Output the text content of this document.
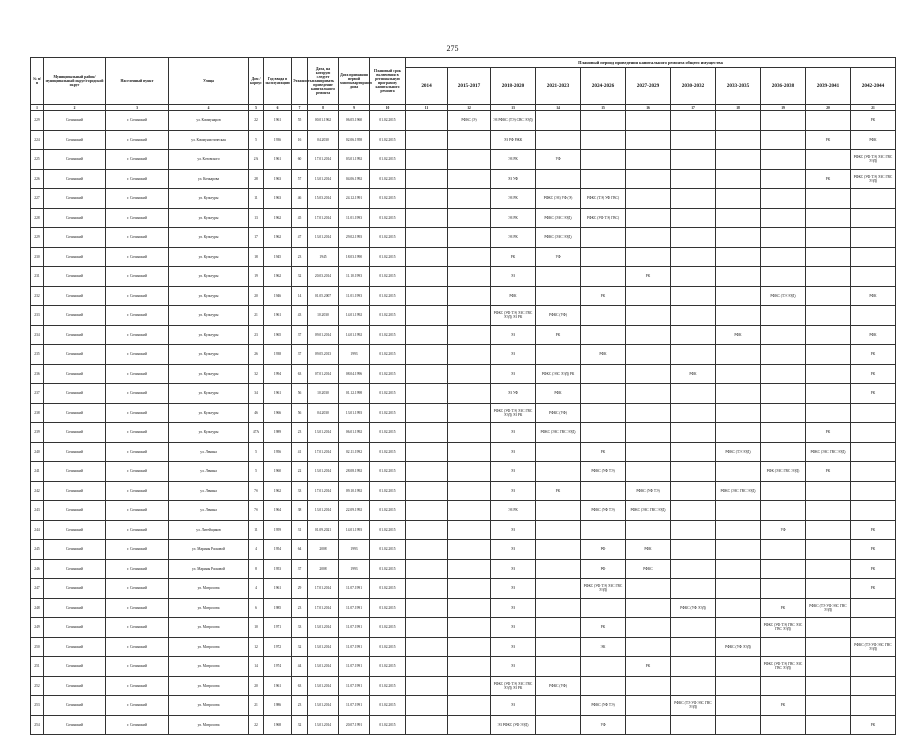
275
№ п/п	Муниципальный район/муниципальный округ/городской округ	Населенный пункт	Улица	Дом / корпус	Год ввода в эксплуатацию	Этажность	Дата, на которую следует планировать проведение капитального ремонта	Дата признания первой многоквартирного дома	Плановый срок включения в региональную программу капитального ремонта	Плановый период проведения капитального ремонта общего имущества										
										2014	2015-2017	2018-2020	2021-2023	2024-2026	2027-2029	2030-2032	2033-2035	2036-2038	2039-2041	2042-2044
1	2	3	4	5	6	7	8	9	10	11	12	13	14	15	16	17	18	19	20	21
229	Сочинский	г. Сочинский	ул. Коммунаров	22	1961	55	00.01.1962	06.05.1960	01.02.2015		РФКС (Э)	ЭЗ РФКС (ТЭ) СВС ЭЭД)								РК
224	Сочинский	г. Сочинский	ул. Коммунистическая	5	1936	16	04.2030	02.06.1958	01.02.2015			ЭЗ РФ РЖК							РК	РФК
225	Сочинский	г. Сочинский	ул. Котовского	2А	1961	60	17.01.2014	03.01.1992	01.02.2015			ЭЗ РК	УФ							РФКС (УФ ТЭ) ЭЗС ГВС ЭЭД)
226	Сочинский	г. Сочинский	ул. Кочкарова	28	1963	57	13.01.2014	04.06.1992	01.02.2015			ЭЗ УФ							РК	РФКС (УФ ТЭ) ЭЗС ГВС ЭЭД)
227	Сочинский	г. Сочинский	ул. Культуры	11	1963	46	15.03.2014	24.12.1991	01.02.2015			ЭЗ РК	РФКС (ЭЗ) УФ (Э)	РФКС (ТЭ) УФ ГВС)						
228	Сочинский	г. Сочинский	ул. Культуры	13	1962	45	17.01.2014	11.01.1993	01.02.2015			ЭЗ РК	РФКС (ЭЗС ЭЭД)	РФКС (УФ ТЭ) ГВС)						
229	Сочинский	г. Сочинский	ул. Культуры	17	1962	47	13.01.2014	29.02.1993	01.02.2015			ЭЗ РК	РФКС (ЭЗС ЭЭД)							
230	Сочинский	г. Сочинский	ул. Культуры	18	1945	23	1945	18.03.1990	01.02.2015			РК	УФ							
231	Сочинский	г. Сочинский	ул. Культуры	19	1962	32	20.03.2014	11.10.1993	01.02.2015			ЭЗ			РК					
232	Сочинский	г. Сочинский	ул. Культуры	20	1946	14	01.05.2007	11.01.1993	01.02.2015			РФК		РК				РФКС (ТЭ ЭЭД)		РФК
233	Сочинский	г. Сочинский	ул. Культуры	21	1961	43	10.2030	14.01.1992	01.02.2015			РФКС (УФ ТЭ) ЭЗС ГВС ЭЭД) ЭЗ РК	РФКС (УФ)							
234	Сочинский	г. Сочинский	ул. Культуры	23	1965	37	09.01.2014	14.01.1992	01.02.2015			ЭЗ	РК				РФК			РФК
235	Сочинский	г. Сочинский	ул. Культуры	26	1938	37	09.05.2013	1993	01.02.2015			ЭЗ		РФК						РК
236	Сочинский	г. Сочинский	ул. Культуры	32	1994	63	07.01.2014	08.04.1996	01.02.2015			ЭЗ	РФКС (ЭЗС ЭЭД) РК			РФК				РК
237	Сочинский	г. Сочинский	ул. Культуры	34	1961	56	10.2030	01.12.1998	01.02.2015			ЭЗ УФ	РФК							РК
238	Сочинский	г. Сочинский	ул. Культуры	46	1966	56	04.2030	13.01.1993	01.02.2015			РФКС (УФ ТЭ) ЭЗС ГВС ЭЭД) ЭЗ РК	РФКС (УФ)							
239	Сочинский	г. Сочинский	ул. Культуры	47А	1989	23	13.01.2014	06.01.1992	01.02.2015			ЭЗ	РФКС (ЭЗС ГВС ЭЭД)						РК	
240	Сочинский	г. Сочинский	ул. Ленина	5	1956	41	17.01.2014	02.11.1992	01.02.2015			ЭЗ		РК			РФКС (ТЭ ЭЭД)		РФКС (ЭЗС ГВС ЭЭД)	
241	Сочинский	г. Сочинский	ул. Ленина	5	1960	22	13.01.2014	28.08.1992	01.02.2015			ЭЗ		РФКС (УФ ТЭ)				РФК (ЭЗС ГВС ЭЭД)	РК	
242	Сочинский	г. Сочинский	ул. Ленина	7б	1962	33	17.01.2014	09.10.1992	01.02.2015			ЭЗ	РК		РФКС (УФ ТЭ)		РФКС (ЭЗС ГВС ЭЭД)			
243	Сочинский	г. Сочинский	ул. Ленина	7б	1964	38	13.01.2014	22.09.1992	01.02.2015			ЭЗ РК		РФКС (УФ ТЭ)	РФКС (ЭЗС ГВС ЭЭД)					
244	Сочинский	г. Сочинский	ул. Литейщиков	11	1959	31	01.09.2021	14.01.1993	01.02.2015			ЭЗ						УФ		РК
245	Сочинский	г. Сочинский	ул. Марины Расковой	4	1954	64	2008	1993	01.02.2015			ЭЗ		РФ	РФК					РК
246	Сочинский	г. Сочинский	ул. Марины Расковой	8	1953	37	2008	1993	01.02.2015			ЭЗ		РФ	РФКС					РК
247	Сочинский	г. Сочинский	ул. Матросова	4	1961	29	17.01.2014	11.07.1991	01.02.2015			ЭЗ		РФКС (УФ ТЭ) ЭЗС ГВС ЭЭД)						РК
248	Сочинский	г. Сочинский	ул. Матросова	6	1985	23	17.01.2014	11.07.1991	01.02.2015			ЭЗ				РФКС (УФ ЭЭД)		РК	РФКС (ТЭ УФ ЭЗС ГВС ЭЭД)	
249	Сочинский	г. Сочинский	ул. Матросова	10	1971	33	13.01.2014	11.07.1991	01.02.2015			ЭЗ		РК				РФКС (УФ ТЭ) ГВС ЭЗС ГВС ЭЭД)		
250	Сочинский	г. Сочинский	ул. Матросова	12	1972	32	13.01.2014	11.07.1991	01.02.2015			ЭЗ		ЭК			РФКС (УФ ЭЭД)			РФКС (ТЭ УФ ЭЗС ГВС ЭЭД)
251	Сочинский	г. Сочинский	ул. Матросова	14	1974	44	13.01.2014	11.07.1991	01.02.2015			ЭЗ			РК			РФКС (УФ ТЭ) ГВС ЭЗС ГВС ЭЭД)		
252	Сочинский	г. Сочинский	ул. Матросова	20	1961	63	13.01.2014	11.07.1991	01.02.2015			РФКС (УФ ТЭ) ЭЗС ГВС ЭЭД) ЭЗ РК	РФКС (УФ)							
253	Сочинский	г. Сочинский	ул. Матросова	21	1986	23	13.01.2014	11.07.1991	01.02.2015			ЭЗ		РФКС (УФ ТЭ)		РФКС (ТЭ УФ ЭЗС ГВС ЭЭД)		РК		
254	Сочинский	г. Сочинский	ул. Матросова	22	1968	32	13.01.2014	20.07.1991	01.02.2015			ЭЗ РФКС (УФ ЭЭД)		УФ						РК
